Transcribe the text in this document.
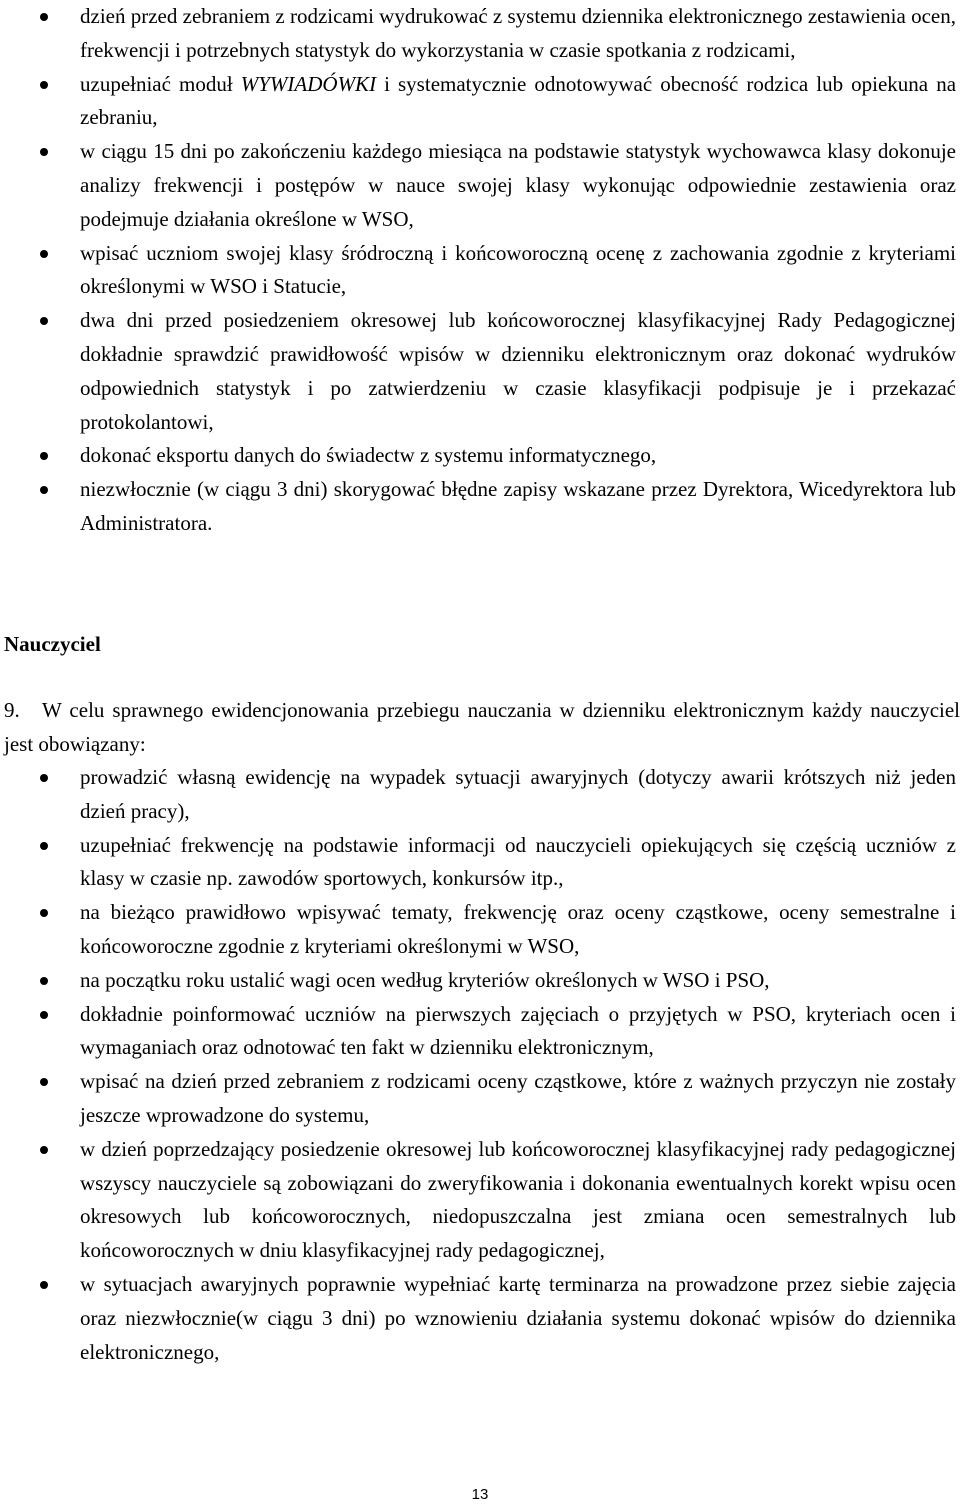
dzień przed zebraniem z rodzicami wydrukować z systemu dziennika elektronicznego zestawienia ocen, frekwencji i potrzebnych statystyk do wykorzystania w czasie spotkania z rodzicami,
uzupełniać moduł WYWIADÓWKI i systematycznie odnotowywać obecność rodzica lub opiekuna na zebraniu,
w ciągu 15 dni po zakończeniu każdego miesiąca na podstawie statystyk wychowawca klasy dokonuje analizy frekwencji i postępów w nauce swojej klasy wykonując odpowiednie zestawienia oraz podejmuje działania określone w WSO,
wpisać uczniom swojej klasy śródroczną i końcoworoczną ocenę z zachowania zgodnie z kryteriami określonymi w WSO i Statucie,
dwa dni przed posiedzeniem okresowej lub końcoworocznej klasyfikacyjnej Rady Pedagogicznej dokładnie sprawdzić prawidłowość wpisów w dzienniku elektronicznym oraz dokonać wydruków odpowiednich statystyk i po zatwierdzeniu w czasie klasyfikacji podpisuje je i przekazać protokolantowi,
dokonać eksportu danych do świadectw z systemu informatycznego,
niezwłocznie (w ciągu 3 dni) skorygować błędne zapisy wskazane przez Dyrektora, Wicedyrektora lub Administratora.
Nauczyciel
9. W celu sprawnego ewidencjonowania przebiegu nauczania w dzienniku elektronicznym każdy nauczyciel jest obowiązany:
prowadzić własną ewidencję na wypadek sytuacji awaryjnych (dotyczy awarii krótszych niż jeden dzień pracy),
uzupełniać frekwencję na podstawie informacji od nauczycieli opiekujących się częścią uczniów z klasy w czasie np. zawodów sportowych, konkursów itp.,
na bieżąco prawidłowo wpisywać tematy, frekwencję oraz oceny cząstkowe, oceny semestralne i końcoworoczne zgodnie z kryteriami określonymi w WSO,
na początku roku ustalić wagi ocen według kryteriów określonych w WSO i PSO,
dokładnie poinformować uczniów na pierwszych zajęciach o przyjętych w PSO, kryteriach ocen i wymaganiach oraz odnotować ten fakt w dzienniku elektronicznym,
wpisać na dzień przed zebraniem z rodzicami oceny cząstkowe, które z ważnych przyczyn nie zostały jeszcze wprowadzone do systemu,
w dzień poprzedzający posiedzenie okresowej lub końcoworocznej klasyfikacyjnej rady pedagogicznej wszyscy nauczyciele są zobowiązani do zweryfikowania i dokonania ewentualnych korekt wpisu ocen okresowych lub końcoworocznych, niedopuszczalna jest zmiana ocen semestralnych lub końcoworocznych w dniu klasyfikacyjnej rady pedagogicznej,
w sytuacjach awaryjnych poprawnie wypełniać kartę terminarza na prowadzone przez siebie zajęcia oraz niezwłocznie(w ciągu 3 dni) po wznowieniu działania systemu dokonać wpisów do dziennika elektronicznego,
13
